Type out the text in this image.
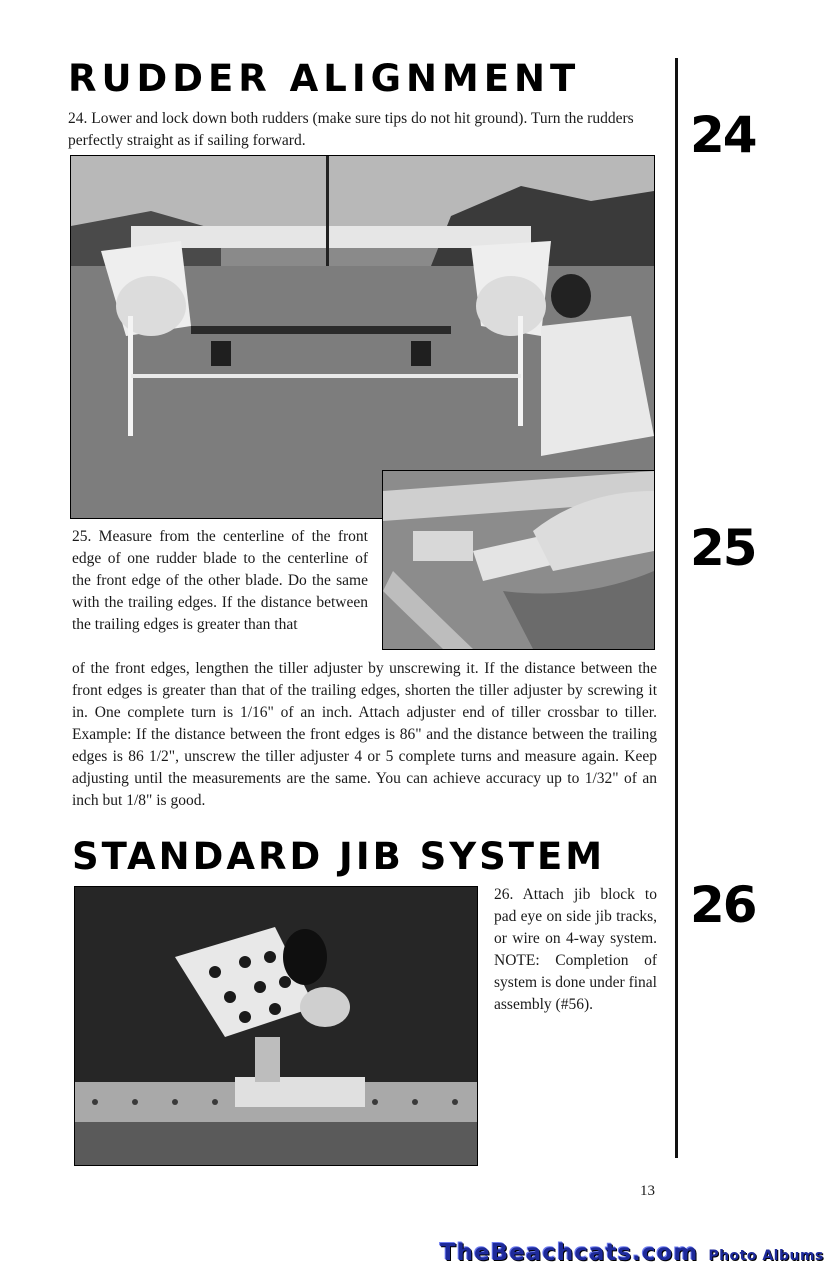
RUDDER ALIGNMENT
24. Lower and lock down both rudders (make sure tips do not hit ground). Turn the rudders perfectly straight as if sailing forward.
25. Measure from the centerline of the front edge of one rudder blade to the centerline of the front edge of the other blade. Do the same with the trailing edges. If the distance between the trailing edges is greater than that
of the front edges, lengthen the tiller adjuster by unscrewing it. If the distance between the front edges is greater than that of the trailing edges, shorten the tiller adjuster by screwing it in. One complete turn is 1/16" of an inch. Attach adjuster end of tiller crossbar to tiller. Example: If the distance between the front edges is 86" and the distance between the trailing edges is 86 1/2", unscrew the tiller adjuster 4 or 5 complete turns and measure again. Keep adjusting until the measurements are the same. You can achieve accuracy up to 1/32" of an inch but 1/8" is good.
STANDARD JIB SYSTEM
26. Attach jib block to pad eye on side jib tracks, or wire on 4-way system. NOTE: Completion of system is done under final assembly (#56).
24
25
26
13
TheBeachcats.com Photo Albums
